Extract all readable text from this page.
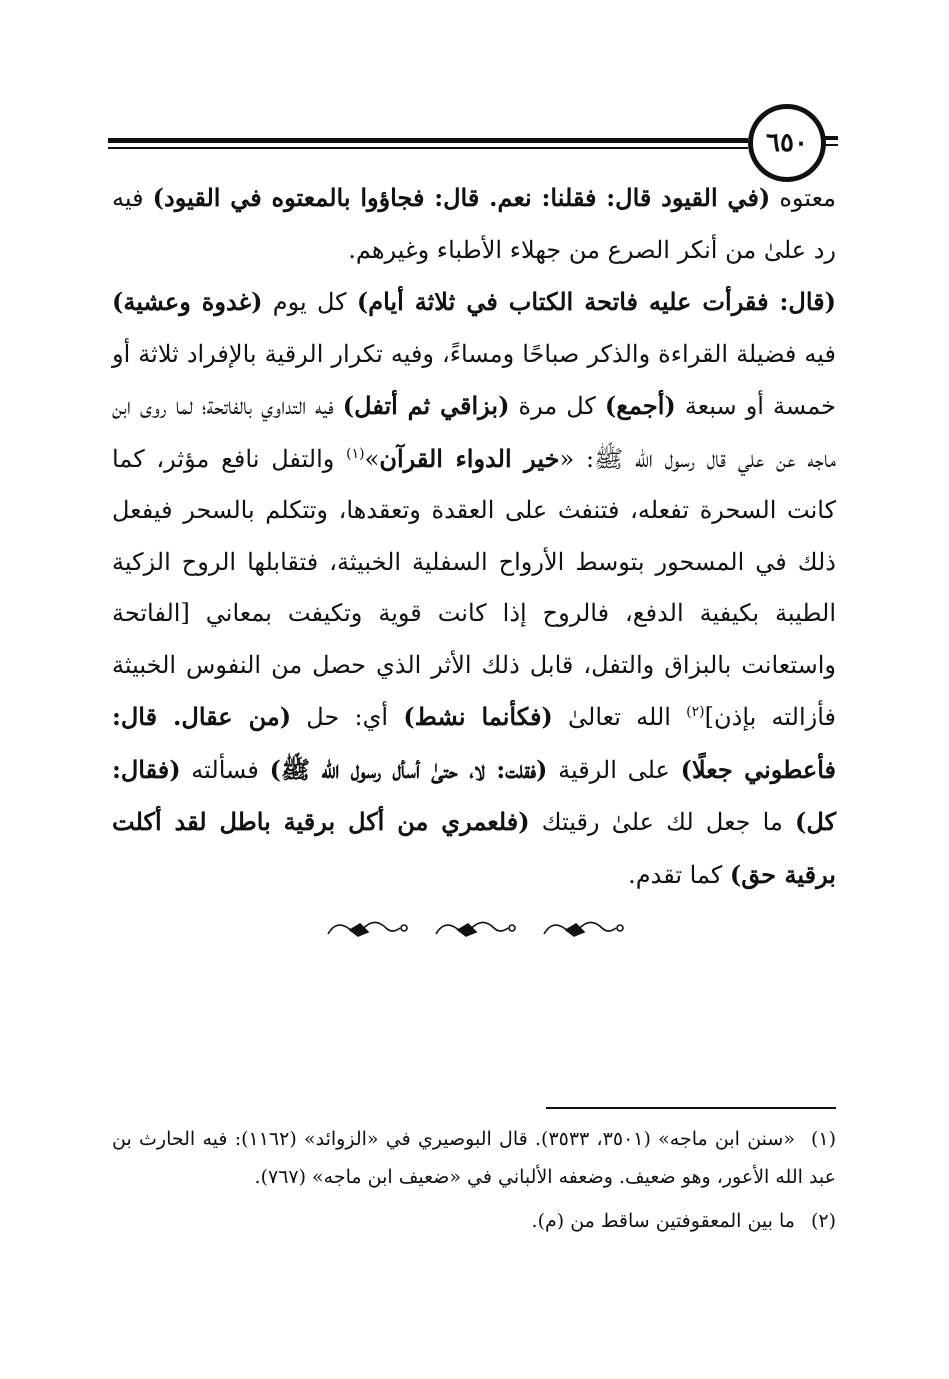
٦٥٠

معتوه (في القيود قال: فقلنا: نعم. قال: فجاؤوا بالمعتوه في القيود) فيه رد علىٰ من أنكر الصرع من جهلاء الأطباء وغيرهم.

(قال: فقرأت عليه فاتحة الكتاب في ثلاثة أيام) كل يوم (غدوة وعشية) فيه فضيلة القراءة والذكر صباحًا ومساءً، وفيه تكرار الرقية بالإفراد ثلاثة أو خمسة أو سبعة (أجمع) كل مرة (بزاقي ثم أتفل) فيه التداوي بالفاتحة؛ لما روى ابن ماجه عن علي قال رسول الله ﷺ: «خير الدواء القرآن»$^{(١)}$ والتفل نافع مؤثر، كما كانت السحرة تفعله، فتنفث على العقدة وتعقدها، وتتكلم بالسحر فيفعل ذلك في المسحور بتوسط الأرواح السفلية الخبيثة، فتقابلها الروح الزكية الطيبة بكيفية الدفع، فالروح إذا كانت قوية وتكيفت بمعاني [الفاتحة واستعانت بالبزاق والتفل، قابل ذلك الأثر الذي حصل من النفوس الخبيثة فأزالته بإذن]$^{(٢)}$ الله تعالىٰ (فكأنما نشط) أي: حل (من عقال. قال: فأعطوني جعلًا) على الرقية (فقلت: لا، حتىٰ أسأل رسول الله ﷺ) فسألته (فقال: كل) ما جعل لك علىٰ رقيتك (فلعمري من أكل برقية باطل لقد أكلت برقية حق) كما تقدم.

(١)«سنن ابن ماجه» (٣٥٠١، ٣٥٣٣). قال البوصيري في «الزوائد» (١١٦٢): فيه الحارث بن عبد الله الأعور، وهو ضعيف. وضعفه الألباني في «ضعيف ابن ماجه» (٧٦٧).

(٢)ما بين المعقوفتين ساقط من (م).
